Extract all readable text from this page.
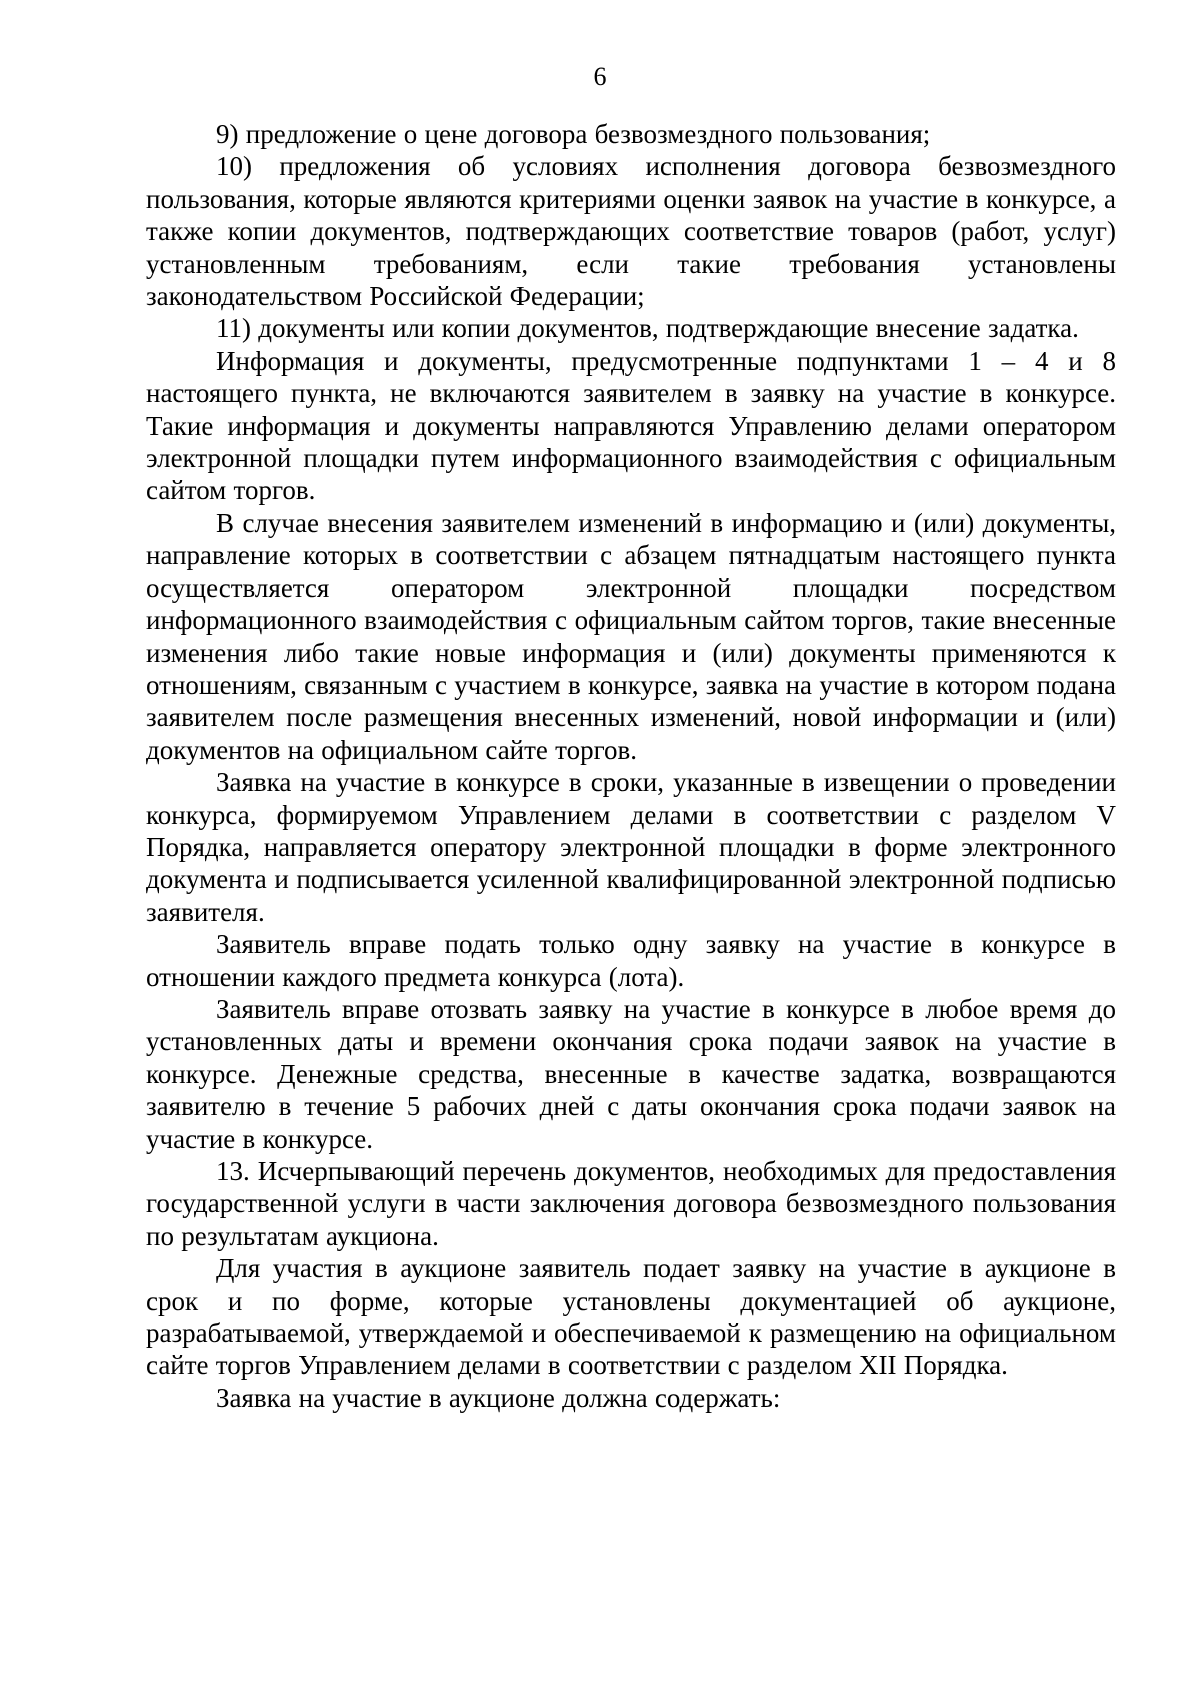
6

9) предложение о цене договора безвозмездного пользования;

10) предложения об условиях исполнения договора безвозмездного пользования, которые являются критериями оценки заявок на участие в конкурсе, а также копии документов, подтверждающих соответствие товаров (работ, услуг) установленным требованиям, если такие требования установлены законодательством Российской Федерации;

11) документы или копии документов, подтверждающие внесение задатка.

Информация и документы, предусмотренные подпунктами 1 – 4 и 8 настоящего пункта, не включаются заявителем в заявку на участие в конкурсе. Такие информация и документы направляются Управлению делами оператором электронной площадки путем информационного взаимодействия с официальным сайтом торгов.

В случае внесения заявителем изменений в информацию и (или) документы, направление которых в соответствии с абзацем пятнадцатым настоящего пункта осуществляется оператором электронной площадки посредством информационного взаимодействия с официальным сайтом торгов, такие внесенные изменения либо такие новые информация и (или) документы применяются к отношениям, связанным с участием в конкурсе, заявка на участие в котором подана заявителем после размещения внесенных изменений, новой информации и (или) документов на официальном сайте торгов.

Заявка на участие в конкурсе в сроки, указанные в извещении о проведении конкурса, формируемом Управлением делами в соответствии с разделом V Порядка, направляется оператору электронной площадки в форме электронного документа и подписывается усиленной квалифицированной электронной подписью заявителя.

Заявитель вправе подать только одну заявку на участие в конкурсе в отношении каждого предмета конкурса (лота).

Заявитель вправе отозвать заявку на участие в конкурсе в любое время до установленных даты и времени окончания срока подачи заявок на участие в конкурсе. Денежные средства, внесенные в качестве задатка, возвращаются заявителю в течение 5 рабочих дней с даты окончания срока подачи заявок на участие в конкурсе.

13. Исчерпывающий перечень документов, необходимых для предоставления государственной услуги в части заключения договора безвозмездного пользования по результатам аукциона.

Для участия в аукционе заявитель подает заявку на участие в аукционе в срок и по форме, которые установлены документацией об аукционе, разрабатываемой, утверждаемой и обеспечиваемой к размещению на официальном сайте торгов Управлением делами в соответствии с разделом XII Порядка.

Заявка на участие в аукционе должна содержать:
